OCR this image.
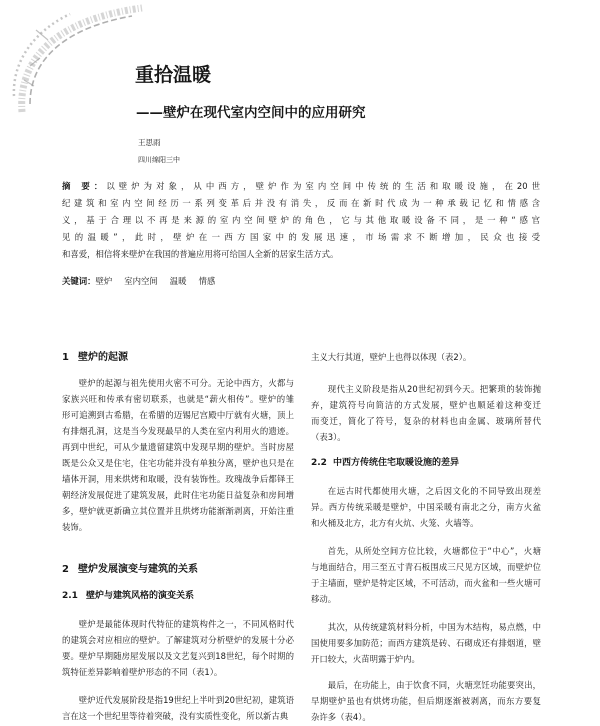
重拾温暖
——壁炉在现代室内空间中的应用研究
王思雨
四川绵阳三中
摘 要：以壁炉为对象，从中西方，壁炉作为室内空间中传统的生活和取暖设施，在20世
纪建筑和室内空间经历一系列变革后并没有消失，反而在新时代成为一种承载记忆和情感含
义，基于合理以不再是来源的室内空间壁炉的角色，它与其他取暖设备不同，是一种“感官
见的温暖”，此时，壁炉在一西方国家中的发展迅速，市场需求不断增加，民众也接受
和喜爱，相信将来壁炉在我国的普遍应用将可给国人全新的居家生活方式。
关键词：壁炉 室内空间 温暖 情感
1 壁炉的起源
壁炉的起源与祖先使用火密不可分。无论中西方，火都与
家族兴旺和传承有密切联系，也就是“薪火相传”。壁炉的雏
形可追溯到古希腊，在希腊的迈锡尼宫殿中厅就有火塘，顶上
有排烟孔洞，这是当今发现最早的人类在室内利用火的遗迹。
再到中世纪，可从少量遗留建筑中发现早期的壁炉。当时房屋
既是公众又是住宅，住宅功能并没有单独分离，壁炉也只是在
墙体开洞，用来烘烤和取暖，没有装饰性。玫瑰战争后都铎王
朝经济发展促进了建筑发展，此时住宅功能日益复杂和房间增
多，壁炉就更新确立其位置并且烘烤功能渐渐剥离，开始注重
装饰。
2 壁炉发展演变与建筑的关系
2.1 壁炉与建筑风格的演变关系
壁炉是最能体现时代特征的建筑构件之一，不同风格时代
的建筑会对应相应的壁炉。了解建筑对分析壁炉的发展十分必
要。壁炉早期随房屋发展以及文艺复兴到18世纪，每个时期的
筑特征差异影响着壁炉形态的不同（表1）。
壁炉近代发展阶段是指19世纪上半叶到20世纪初，建筑语
言在这一个世纪里等待着突破，没有实质性变化，所以新古典
主义大行其道，壁炉上也得以体现（表2）。
现代主义阶段是指从20世纪初到今天。把繁琐的装饰抛
弃，建筑符号向简洁的方式发展，壁炉也顺延着这种变迁
而变迁，简化了符号，复杂的材料也由金属、玻璃所替代
（表3）。
2.2 中西方传统住宅取暖设施的差异
在远古时代都使用火塘，之后因文化的不同导致出现差
异。西方传统采暖是壁炉，中国采暖有南北之分，南方火盆
和火桶及北方，北方有火炕、火笼、火墙等。
首先，从所处空间方位比较，火塘都位于“中心”，火塘
与地面结合，用三至五寸青石板围成三尺见方区域，而壁炉位
于主墙面，壁炉是特定区域，不可活动，而火盆和一些火塘可
移动。
其次，从传统建筑材料分析，中国为木结构，易点燃，中
国使用要多加防范；而西方建筑是砖、石砌成还有排烟道，壁
开口较大，火苗明露于炉内。
最后，在功能上，由于饮食不同，火塘烹饪功能要突出，
早期壁炉虽也有烘烤功能，但后期逐渐被剥离，而东方要复
杂许多（表4）。
